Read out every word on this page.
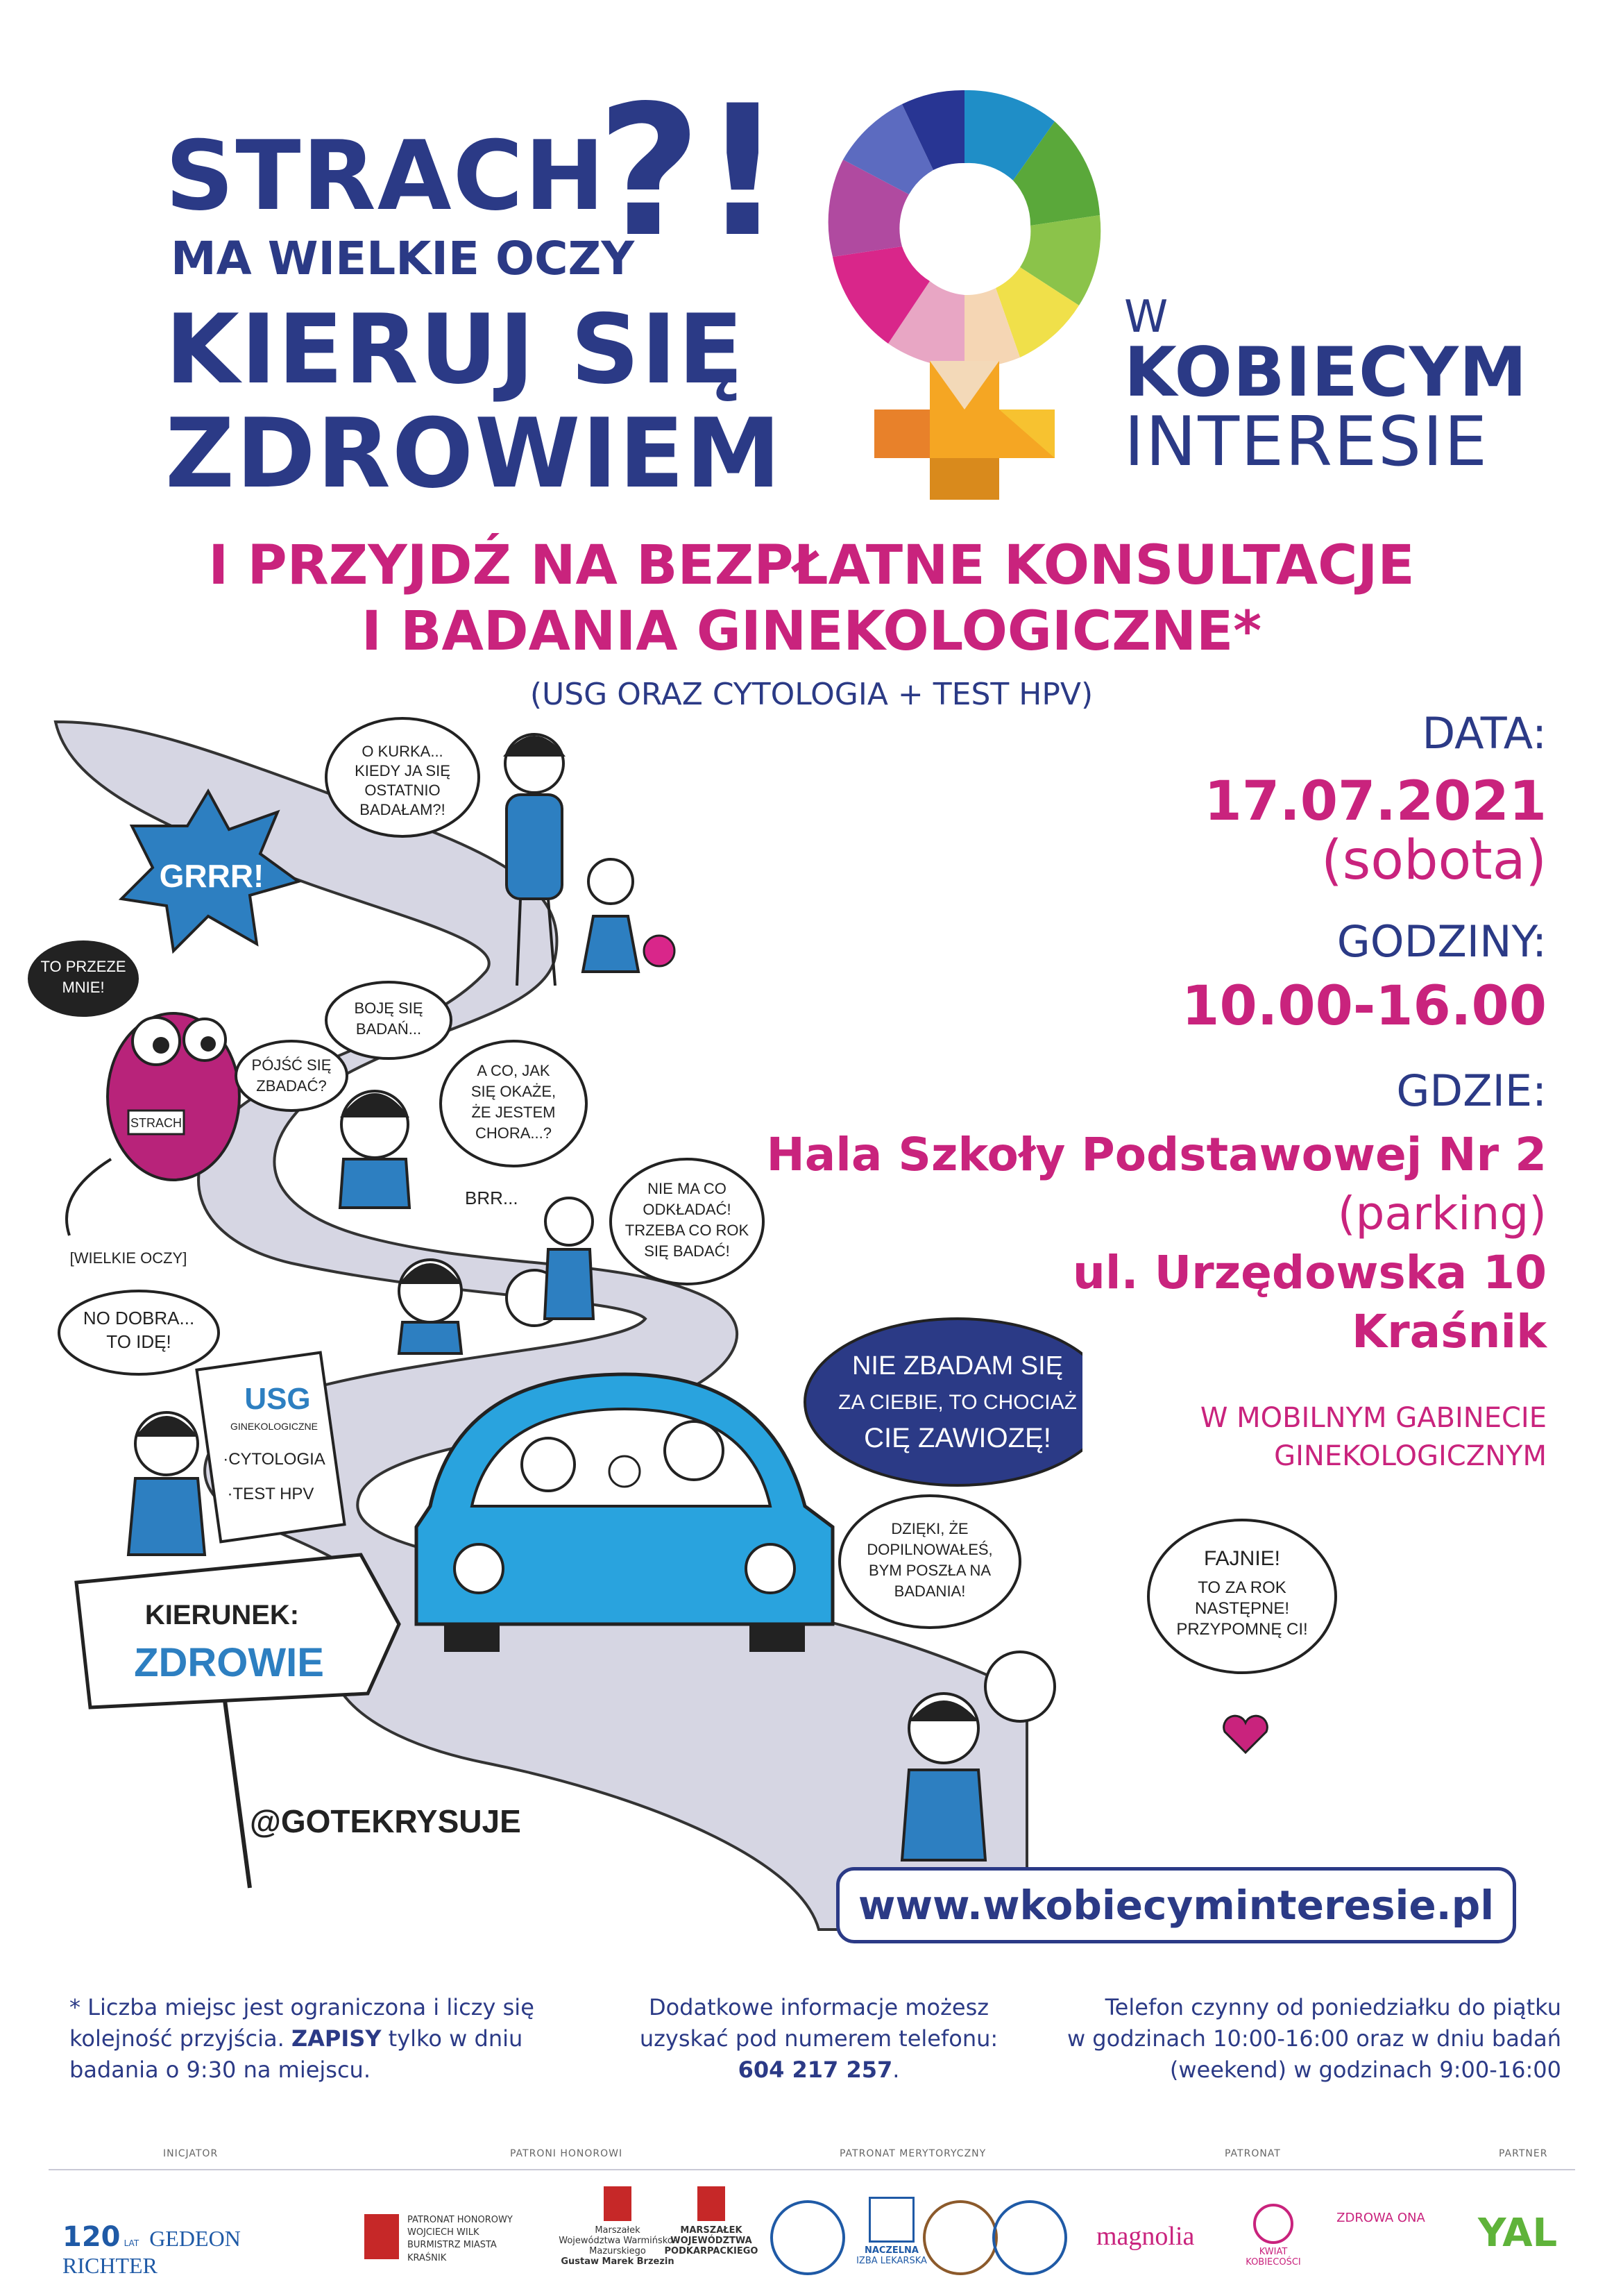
STRACH
?!
MA WIELKIE OCZY
KIERUJ SIĘ
ZDROWIEM
W
KOBIECYM
INTERESIE
I PRZYJDŹ NA BEZPŁATNE KONSULTACJE
I BADANIA GINEKOLOGICZNE*
(USG ORAZ CYTOLOGIA + TEST HPV)
GRRR!
TO PRZEZE
MNIE!
STRACH
[WIELKIE OCZY]
O KURKA...
KIEDY JA SIĘ
OSTATNIO
BADAŁAM?!
BOJĘ SIĘ
BADAŃ...
PÓJŚĆ SIĘ
ZBADAĆ?
A CO, JAK
SIĘ OKAŻE,
ŻE JESTEM
CHORA...?
BRR...	NIE MA CO
ODKŁADAĆ!
TRZEBA CO ROK
SIĘ BADAĆ!
NO DOBRA...
TO IDĘ!
USG
GINEKOLOGICZNE
·CYTOLOGIA
·TEST HPV
NIE ZBADAM SIĘ
ZA CIEBIE, TO CHOCIAŻ
CIĘ ZAWIOZĘ!
DZIĘKI, ŻE
DOPILNOWAŁEŚ,
BYM POSZŁA NA
BADANIA!
KIERUNEK:
ZDROWIE
@GOTEKRYSUJE
FAJNIE!
TO ZA ROK
NASTĘPNE!
PRZYPOMNĘ CI!
DATA:
17.07.2021
(sobota)
GODZINY:
10.00-16.00
GDZIE:
Hala Szkoły Podstawowej Nr 2
(parking)
ul. Urzędowska 10
Kraśnik
W MOBILNYM GABINECIE
GINEKOLOGICZNYM
www.wkobiecyminteresie.pl
* Liczba miejsc jest ograniczona i liczy się
kolejność przyjścia. ZAPISY tylko w dniu
badania o 9:30 na miejscu.
Dodatkowe informacje możesz
uzyskać pod numerem telefonu:
604 217 257.
Telefon czynny od poniedziałku do piątku
w godzinach 10:00-16:00 oraz w dniu badań
(weekend) w godzinach 9:00-16:00
INICJATOR	PATRONI HONOROWI	PATRONAT MERYTORYCZNY	PATRONAT	PARTNER
120 LAT GEDEON RICHTER
PATRONAT HONOROWY
WOJCIECH WILK
BURMISTRZ MIASTA KRAŚNIK
Marszałek
Województwa Warmińsko-Mazurskiego
Gustaw Marek Brzezin
MARSZAŁEK
WOJEWÓDZTWA
PODKARPACKIEGO	NACZELNA
IZBA LEKARSKA
magnolia
KWIAT KOBIECOŚCI
ZDROWA ONA YAL
